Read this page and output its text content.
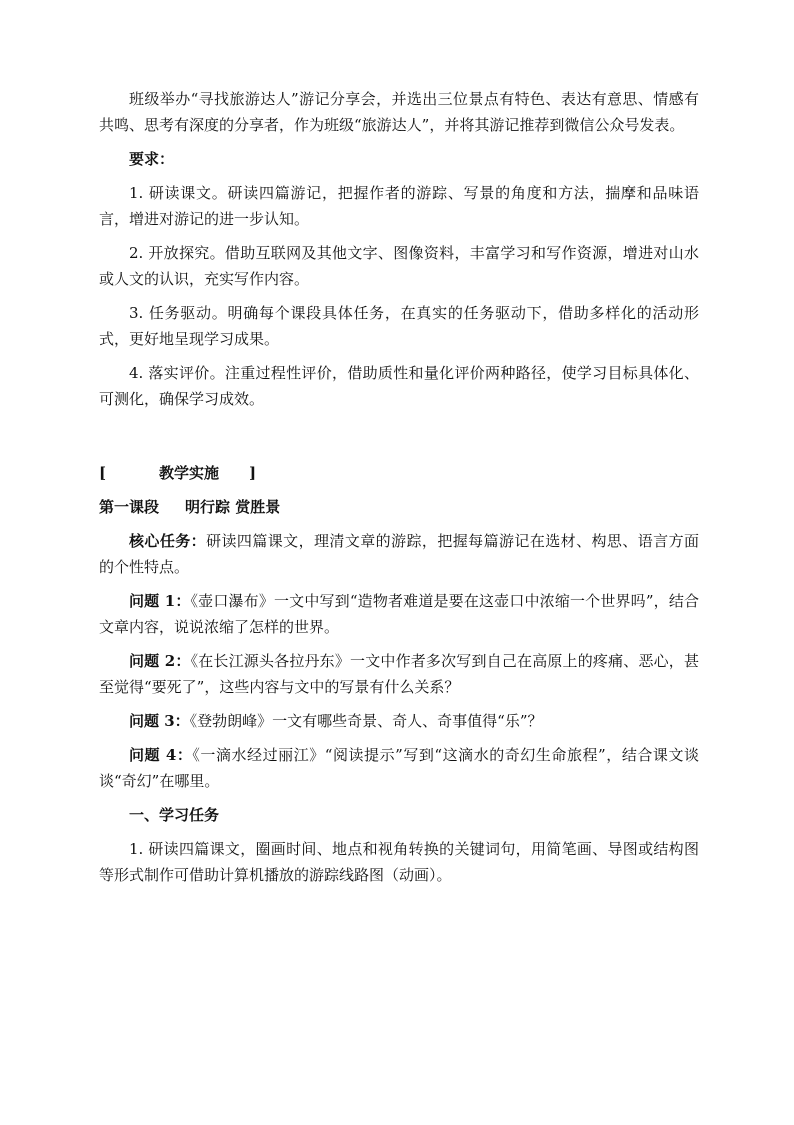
班级举办“寻找旅游达人”游记分享会，并选出三位景点有特色、表达有意思、情感有共鸣、思考有深度的分享者，作为班级“旅游达人”，并将其游记推荐到微信公众号发表。

要求：

1. 研读课文。研读四篇游记，把握作者的游踪、写景的角度和方法，揣摩和品味语言，增进对游记的进一步认知。

2. 开放探究。借助互联网及其他文字、图像资料，丰富学习和写作资源，增进对山水或人文的认识，充实写作内容。

3. 任务驱动。明确每个课段具体任务，在真实的任务驱动下，借助多样化的活动形式，更好地呈现学习成果。

4. 落实评价。注重过程性评价，借助质性和量化评价两种路径，使学习目标具体化、可测化，确保学习成效。

[	教学实施 ]
第一课段 明行踪 赏胜景

核心任务：研读四篇课文，理清文章的游踪，把握每篇游记在选材、构思、语言方面的个性特点。

问题 1：《壶口瀑布》一文中写到“造物者难道是要在这壶口中浓缩一个世界吗”，结合文章内容，说说浓缩了怎样的世界。

问题 2：《在长江源头各拉丹东》一文中作者多次写到自己在高原上的疼痛、恶心，甚至觉得“要死了”，这些内容与文中的写景有什么关系？

问题 3：《登勃朗峰》一文有哪些奇景、奇人、奇事值得“乐”？

问题 4：《一滴水经过丽江》“阅读提示”写到“这滴水的奇幻生命旅程”，结合课文谈谈“奇幻”在哪里。

一、学习任务

1. 研读四篇课文，圈画时间、地点和视角转换的关键词句，用简笔画、导图或结构图等形式制作可借助计算机播放的游踪线路图（动画）。
